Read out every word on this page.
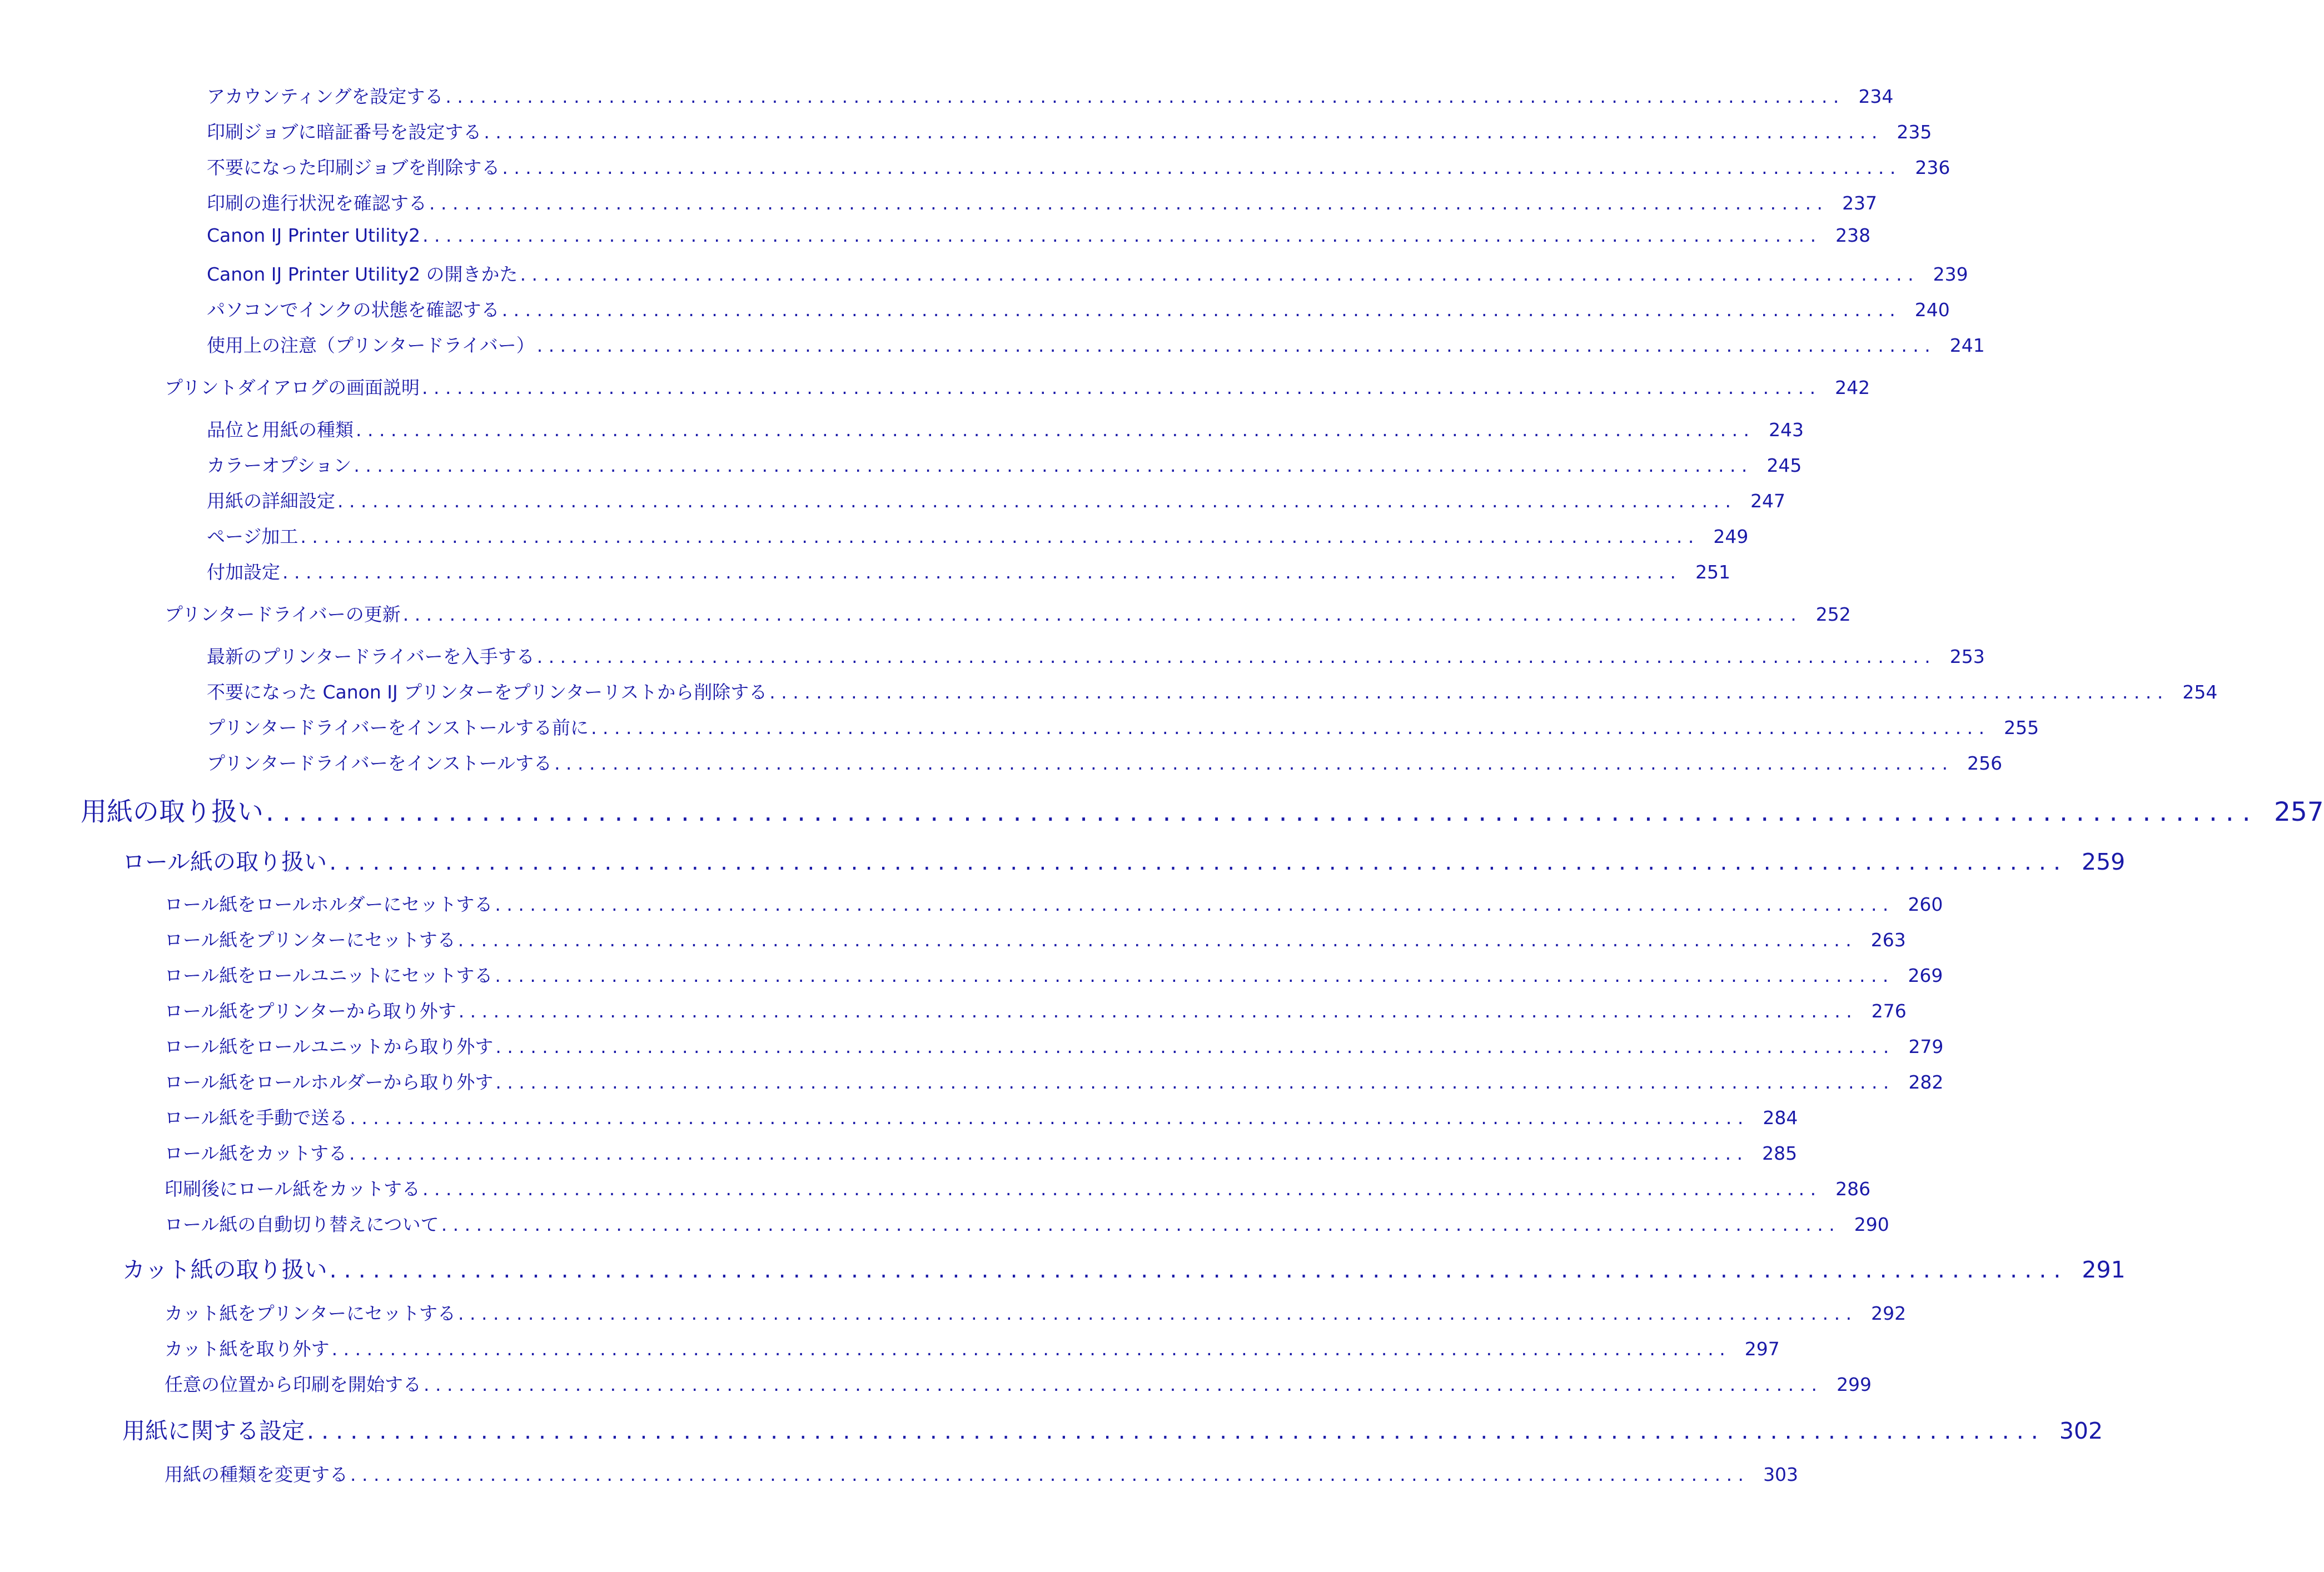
アカウンティングを設定する . . . . . . . . . . . . . . . . . . . . . . . . . . . . . . . . . . . . . . . . . . . . . . . . . . . . . . . . . . . . . . . . . . . . . . . . . . . . . . . . . . . . . . . . . . . . . . . . . . . . . . . . . . . . . . . . . . . . . . . .	234
印刷ジョブに暗証番号を設定する . . . . . . . . . . . . . . . . . . . . . . . . . . . . . . . . . . . . . . . . . . . . . . . . . . . . . . . . . . . . . . . . . . . . . . . . . . . . . . . . . . . . . . . . . . . . . . . . . . . . . . . . . . . . . . . . . . . . . . . .	235
不要になった印刷ジョブを削除する . . . . . . . . . . . . . . . . . . . . . . . . . . . . . . . . . . . . . . . . . . . . . . . . . . . . . . . . . . . . . . . . . . . . . . . . . . . . . . . . . . . . . . . . . . . . . . . . . . . . . . . . . . . . . . . . . . . . . . . .	236
印刷の進行状況を確認する . . . . . . . . . . . . . . . . . . . . . . . . . . . . . . . . . . . . . . . . . . . . . . . . . . . . . . . . . . . . . . . . . . . . . . . . . . . . . . . . . . . . . . . . . . . . . . . . . . . . . . . . . . . . . . . . . . . . . . . .	237
Canon IJ Printer Utility2 . . . . . . . . . . . . . . . . . . . . . . . . . . . . . . . . . . . . . . . . . . . . . . . . . . . . . . . . . . . . . . . . . . . . . . . . . . . . . . . . . . . . . . . . . . . . . . . . . . . . . . . . . . . . . . . . . . . . . . . .	238
Canon IJ Printer Utility2 の開きかた . . . . . . . . . . . . . . . . . . . . . . . . . . . . . . . . . . . . . . . . . . . . . . . . . . . . . . . . . . . . . . . . . . . . . . . . . . . . . . . . . . . . . . . . . . . . . . . . . . . . . . . . . . . . . . . . . . . . . . . .	239
パソコンでインクの状態を確認する . . . . . . . . . . . . . . . . . . . . . . . . . . . . . . . . . . . . . . . . . . . . . . . . . . . . . . . . . . . . . . . . . . . . . . . . . . . . . . . . . . . . . . . . . . . . . . . . . . . . . . . . . . . . . . . . . . . . . . . .	240
使用上の注意（プリンタードライバー） . . . . . . . . . . . . . . . . . . . . . . . . . . . . . . . . . . . . . . . . . . . . . . . . . . . . . . . . . . . . . . . . . . . . . . . . . . . . . . . . . . . . . . . . . . . . . . . . . . . . . . . . . . . . . . . . . . . . . . . .	241
プリントダイアログの画面説明 . . . . . . . . . . . . . . . . . . . . . . . . . . . . . . . . . . . . . . . . . . . . . . . . . . . . . . . . . . . . . . . . . . . . . . . . . . . . . . . . . . . . . . . . . . . . . . . . . . . . . . . . . . . . . . . . . . . . . . . .	242
品位と用紙の種類 . . . . . . . . . . . . . . . . . . . . . . . . . . . . . . . . . . . . . . . . . . . . . . . . . . . . . . . . . . . . . . . . . . . . . . . . . . . . . . . . . . . . . . . . . . . . . . . . . . . . . . . . . . . . . . . . . . . . . . . .	243
カラーオプション . . . . . . . . . . . . . . . . . . . . . . . . . . . . . . . . . . . . . . . . . . . . . . . . . . . . . . . . . . . . . . . . . . . . . . . . . . . . . . . . . . . . . . . . . . . . . . . . . . . . . . . . . . . . . . . . . . . . . . . .	245
用紙の詳細設定 . . . . . . . . . . . . . . . . . . . . . . . . . . . . . . . . . . . . . . . . . . . . . . . . . . . . . . . . . . . . . . . . . . . . . . . . . . . . . . . . . . . . . . . . . . . . . . . . . . . . . . . . . . . . . . . . . . . . . . . .	247
ページ加工 . . . . . . . . . . . . . . . . . . . . . . . . . . . . . . . . . . . . . . . . . . . . . . . . . . . . . . . . . . . . . . . . . . . . . . . . . . . . . . . . . . . . . . . . . . . . . . . . . . . . . . . . . . . . . . . . . . . . . . . .	249
付加設定 . . . . . . . . . . . . . . . . . . . . . . . . . . . . . . . . . . . . . . . . . . . . . . . . . . . . . . . . . . . . . . . . . . . . . . . . . . . . . . . . . . . . . . . . . . . . . . . . . . . . . . . . . . . . . . . . . . . . . . . .	251
プリンタードライバーの更新 . . . . . . . . . . . . . . . . . . . . . . . . . . . . . . . . . . . . . . . . . . . . . . . . . . . . . . . . . . . . . . . . . . . . . . . . . . . . . . . . . . . . . . . . . . . . . . . . . . . . . . . . . . . . . . . . . . . . . . . .	252
最新のプリンタードライバーを入手する . . . . . . . . . . . . . . . . . . . . . . . . . . . . . . . . . . . . . . . . . . . . . . . . . . . . . . . . . . . . . . . . . . . . . . . . . . . . . . . . . . . . . . . . . . . . . . . . . . . . . . . . . . . . . . . . . . . . . . . .	253
不要になった Canon IJ プリンターをプリンターリストから削除する . . . . . . . . . . . . . . . . . . . . . . . . . . . . . . . . . . . . . . . . . . . . . . . . . . . . . . . . . . . . . . . . . . . . . . . . . . . . . . . . . . . . . . . . . . . . . . . . . . . . . . . . . . . . . . . . . . . . . . . .	254
プリンタードライバーをインストールする前に . . . . . . . . . . . . . . . . . . . . . . . . . . . . . . . . . . . . . . . . . . . . . . . . . . . . . . . . . . . . . . . . . . . . . . . . . . . . . . . . . . . . . . . . . . . . . . . . . . . . . . . . . . . . . . . . . . . . . . . .	255
プリンタードライバーをインストールする . . . . . . . . . . . . . . . . . . . . . . . . . . . . . . . . . . . . . . . . . . . . . . . . . . . . . . . . . . . . . . . . . . . . . . . . . . . . . . . . . . . . . . . . . . . . . . . . . . . . . . . . . . . . . . . . . . . . . . . .	256
用紙の取り扱い . . . . . . . . . . . . . . . . . . . . . . . . . . . . . . . . . . . . . . . . . . . . . . . . . . . . . . . . . . . . . . . . . . . . . . . . . . . . . . . . . . . . . . . . . . . . . . . . . . . . . . . . . . . . . . . . . . . . . . . . 257
ロール紙の取り扱い . . . . . . . . . . . . . . . . . . . . . . . . . . . . . . . . . . . . . . . . . . . . . . . . . . . . . . . . . . . . . . . . . . . . . . . . . . . . . . . . . . . . . . . . . . . . . . . . . . . . . . . . . . . . . . . . . . . . . . . . 259
ロール紙をロールホルダーにセットする . . . . . . . . . . . . . . . . . . . . . . . . . . . . . . . . . . . . . . . . . . . . . . . . . . . . . . . . . . . . . . . . . . . . . . . . . . . . . . . . . . . . . . . . . . . . . . . . . . . . . . . . . . . . . . . . . . . . . . . .	260
ロール紙をプリンターにセットする . . . . . . . . . . . . . . . . . . . . . . . . . . . . . . . . . . . . . . . . . . . . . . . . . . . . . . . . . . . . . . . . . . . . . . . . . . . . . . . . . . . . . . . . . . . . . . . . . . . . . . . . . . . . . . . . . . . . . . . .	263
ロール紙をロールユニットにセットする . . . . . . . . . . . . . . . . . . . . . . . . . . . . . . . . . . . . . . . . . . . . . . . . . . . . . . . . . . . . . . . . . . . . . . . . . . . . . . . . . . . . . . . . . . . . . . . . . . . . . . . . . . . . . . . . . . . . . . . .	269
ロール紙をプリンターから取り外す . . . . . . . . . . . . . . . . . . . . . . . . . . . . . . . . . . . . . . . . . . . . . . . . . . . . . . . . . . . . . . . . . . . . . . . . . . . . . . . . . . . . . . . . . . . . . . . . . . . . . . . . . . . . . . . . . . . . . . . .	276
ロール紙をロールユニットから取り外す . . . . . . . . . . . . . . . . . . . . . . . . . . . . . . . . . . . . . . . . . . . . . . . . . . . . . . . . . . . . . . . . . . . . . . . . . . . . . . . . . . . . . . . . . . . . . . . . . . . . . . . . . . . . . . . . . . . . . . . .	279
ロール紙をロールホルダーから取り外す . . . . . . . . . . . . . . . . . . . . . . . . . . . . . . . . . . . . . . . . . . . . . . . . . . . . . . . . . . . . . . . . . . . . . . . . . . . . . . . . . . . . . . . . . . . . . . . . . . . . . . . . . . . . . . . . . . . . . . . .	282
ロール紙を手動で送る . . . . . . . . . . . . . . . . . . . . . . . . . . . . . . . . . . . . . . . . . . . . . . . . . . . . . . . . . . . . . . . . . . . . . . . . . . . . . . . . . . . . . . . . . . . . . . . . . . . . . . . . . . . . . . . . . . . . . . . .	284
ロール紙をカットする . . . . . . . . . . . . . . . . . . . . . . . . . . . . . . . . . . . . . . . . . . . . . . . . . . . . . . . . . . . . . . . . . . . . . . . . . . . . . . . . . . . . . . . . . . . . . . . . . . . . . . . . . . . . . . . . . . . . . . . .	285
印刷後にロール紙をカットする . . . . . . . . . . . . . . . . . . . . . . . . . . . . . . . . . . . . . . . . . . . . . . . . . . . . . . . . . . . . . . . . . . . . . . . . . . . . . . . . . . . . . . . . . . . . . . . . . . . . . . . . . . . . . . . . . . . . . . . .	286
ロール紙の自動切り替えについて . . . . . . . . . . . . . . . . . . . . . . . . . . . . . . . . . . . . . . . . . . . . . . . . . . . . . . . . . . . . . . . . . . . . . . . . . . . . . . . . . . . . . . . . . . . . . . . . . . . . . . . . . . . . . . . . . . . . . . . .	290
カット紙の取り扱い . . . . . . . . . . . . . . . . . . . . . . . . . . . . . . . . . . . . . . . . . . . . . . . . . . . . . . . . . . . . . . . . . . . . . . . . . . . . . . . . . . . . . . . . . . . . . . . . . . . . . . . . . . . . . . . . . . . . . . . . 291
カット紙をプリンターにセットする . . . . . . . . . . . . . . . . . . . . . . . . . . . . . . . . . . . . . . . . . . . . . . . . . . . . . . . . . . . . . . . . . . . . . . . . . . . . . . . . . . . . . . . . . . . . . . . . . . . . . . . . . . . . . . . . . . . . . . . .	292
カット紙を取り外す . . . . . . . . . . . . . . . . . . . . . . . . . . . . . . . . . . . . . . . . . . . . . . . . . . . . . . . . . . . . . . . . . . . . . . . . . . . . . . . . . . . . . . . . . . . . . . . . . . . . . . . . . . . . . . . . . . . . . . . .	297
任意の位置から印刷を開始する . . . . . . . . . . . . . . . . . . . . . . . . . . . . . . . . . . . . . . . . . . . . . . . . . . . . . . . . . . . . . . . . . . . . . . . . . . . . . . . . . . . . . . . . . . . . . . . . . . . . . . . . . . . . . . . . . . . . . . . .	299
用紙に関する設定 . . . . . . . . . . . . . . . . . . . . . . . . . . . . . . . . . . . . . . . . . . . . . . . . . . . . . . . . . . . . . . . . . . . . . . . . . . . . . . . . . . . . . . . . . . . . . . . . . . . . . . . . . . . . . . . . . . . . . . . . 302
用紙の種類を変更する . . . . . . . . . . . . . . . . . . . . . . . . . . . . . . . . . . . . . . . . . . . . . . . . . . . . . . . . . . . . . . . . . . . . . . . . . . . . . . . . . . . . . . . . . . . . . . . . . . . . . . . . . . . . . . . . . . . . . . . .	303
